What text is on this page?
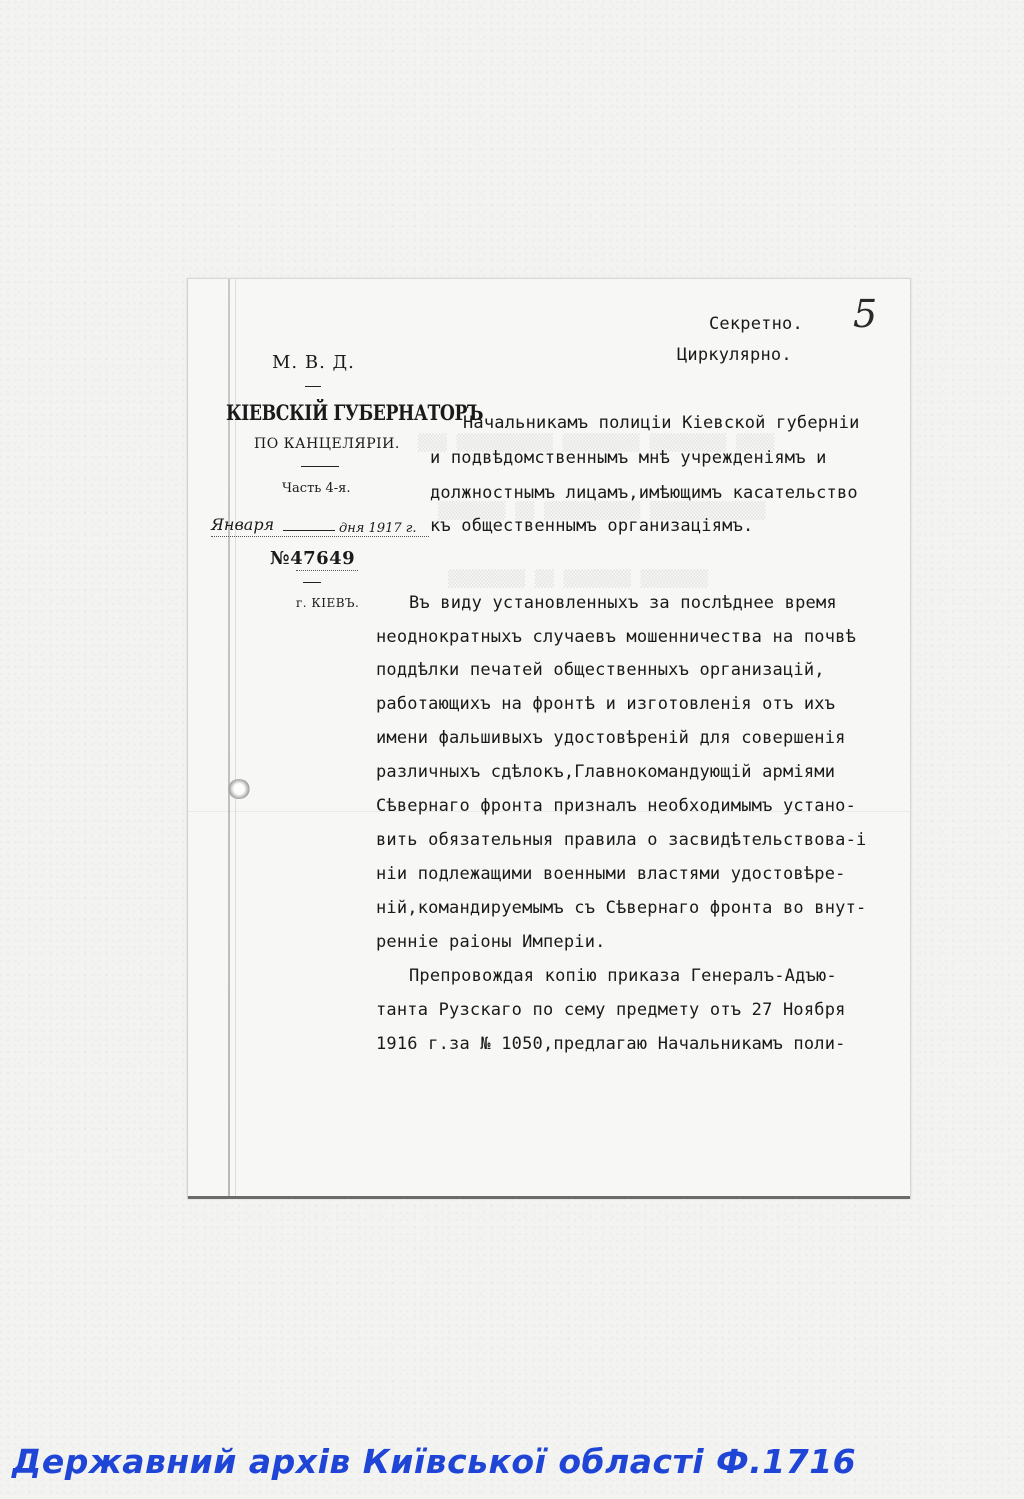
▒▒▒▒ ▒▒▒▒▒▒▒▒ ▒▒▒▒▒▒▒▒ ▒▒▒▒▒▒▒▒▒▒ ▒▒▒
▒▒▒▒▒▒▒▒▒▒▒▒ ▒▒▒▒▒▒▒▒▒▒ ▒▒ ▒▒▒▒▒▒▒
▒▒▒▒▒▒▒ ▒▒▒▒▒▒▒ ▒▒ ▒▒▒▒▒▒▒▒
5
Секретно.
Циркулярно.
М. В. Д.
КІЕВСКІЙ ГУБЕРНАТОРЪ
ПО КАНЦЕЛЯРІИ.
Часть 4-я.
Января	дня 1917 г.
№47649
г. КІЕВЪ.
Начальникамъ полиціи Кіевской губерніи
и подвѣдомственнымъ мнѣ учрежденіямъ и
должностнымъ лицамъ,имѣющимъ касательство
къ общественнымъ организаціямъ.
Въ виду установленныхъ за послѣднее время
неоднократныхъ случаевъ мошенничества на почвѣ
поддѣлки печатей общественныхъ организацій,
работающихъ на фронтѣ и изготовленія отъ ихъ
имени фальшивыхъ удостовѣреній для совершенія
различныхъ сдѣлокъ,Главнокомандующій арміями
Сѣвернаго фронта призналъ необходимымъ устано-
вить обязательныя правила о засвидѣтельствова-і
ніи подлежащими военными властями удостовѣре-
ній,командируемымъ съ Сѣвернаго фронта во внут-
ренніе раіоны Имперіи.
Препровождая копію приказа Генералъ-Адъю-
танта Рузскаго по сему предмету отъ 27 Ноября
1916 г.за № 1050,предлагаю Начальникамъ поли-
Державний архів Київської області Ф.1716
